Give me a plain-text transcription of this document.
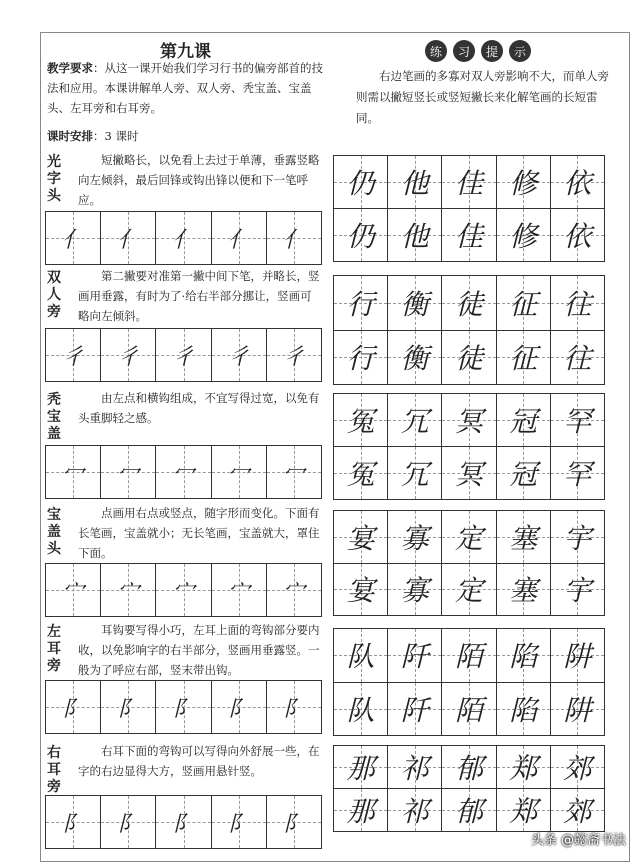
第九课
教学要求：从这一课开始我们学习行书的偏旁部首的技法和应用。本课讲解单人旁、双人旁、秃宝盖、宝盖头、左耳旁和右耳旁。
课时安排：3 课时
光字头
短撇略长，以免看上去过于单薄，垂露竖略向左倾斜，最后回锋或钩出锋以便和下一笔呼应。
亻 亻 亻 亻 亻
双人旁
第二撇要对准第一撇中间下笔，并略长，竖画用垂露，有时为了·给右半部分挪让，竖画可略向左倾斜。
彳 彳 彳 彳 彳
秃宝盖
由左点和横钩组成，不宜写得过宽，以免有头重脚轻之感。
冖 冖 冖 冖 冖
宝盖头
点画用右点或竖点，随字形而变化。下面有长笔画，宝盖就小；无长笔画，宝盖就大，罩住下面。
宀 宀 宀 宀 宀
左耳旁
耳钩要写得小巧，左耳上面的弯钩部分要内收，以免影响字的右半部分，竖画用垂露竖。一般为了呼应右部，竖末带出钩。
阝 阝 阝 阝 阝
右耳旁
右耳下面的弯钩可以写得向外舒展一些，在字的右边显得大方，竖画用悬针竖。
阝 阝 阝 阝 阝
练	习	提	示
右边笔画的多寡对双人旁影响不大，而单人旁则需以撇短竖长或竖短撇长来化解笔画的长短雷同。
仍 他 佳 修 依
仍 他 佳 修 依
行 衡 徒 征 往
行 衡 徒 征 往
冤 冗 冥 冠 罕
冤 冗 冥 冠 罕
宴 寡 定 塞 宇
宴 寡 定 塞 宇
队 阡 陌 陷 阱
队 阡 陌 陷 阱
那 祁 郁 郑 郊
那 祁 郁 郑 郊
头条 @懿斋书法
